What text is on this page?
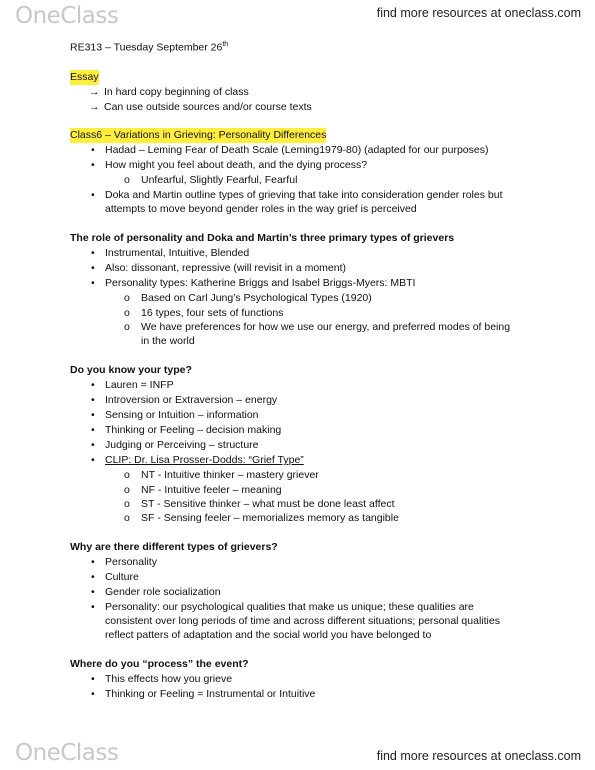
OneClass	find more resources at oneclass.com
RE313 – Tuesday September 26th
Essay
→ In hard copy beginning of class
→ Can use outside sources and/or course texts
Class6 – Variations in Grieving: Personality Differences
• Hadad – Leming Fear of Death Scale (Leming1979-80) (adapted for our purposes)
• How might you feel about death, and the dying process?
o Unfearful, Slightly Fearful, Fearful
• Doka and Martin outline types of grieving that take into consideration gender roles but
attempts to move beyond gender roles in the way grief is perceived
The role of personality and Doka and Martin’s three primary types of grievers
• Instrumental, Intuitive, Blended
• Also: dissonant, repressive (will revisit in a moment)
• Personality types: Katherine Briggs and Isabel Briggs-Myers: MBTI
o Based on Carl Jung’s Psychological Types (1920)
o 16 types, four sets of functions
o We have preferences for how we use our energy, and preferred modes of being
in the world
Do you know your type?
• Lauren = INFP
• Introversion or Extraversion – energy
• Sensing or Intuition – information
• Thinking or Feeling – decision making
• Judging or Perceiving – structure
• CLIP: Dr. Lisa Prosser-Dodds: “Grief Type”
o NT - Intuitive thinker – mastery griever
o NF - Intuitive feeler – meaning
o ST - Sensitive thinker – what must be done least affect
o SF - Sensing feeler – memorializes memory as tangible
Why are there different types of grievers?
• Personality
• Culture
• Gender role socialization
• Personality: our psychological qualities that make us unique; these qualities are
consistent over long periods of time and across different situations; personal qualities
reflect patters of adaptation and the social world you have belonged to
Where do you “process” the event?
• This effects how you grieve
• Thinking or Feeling = Instrumental or Intuitive
OneClass	find more resources at oneclass.com
